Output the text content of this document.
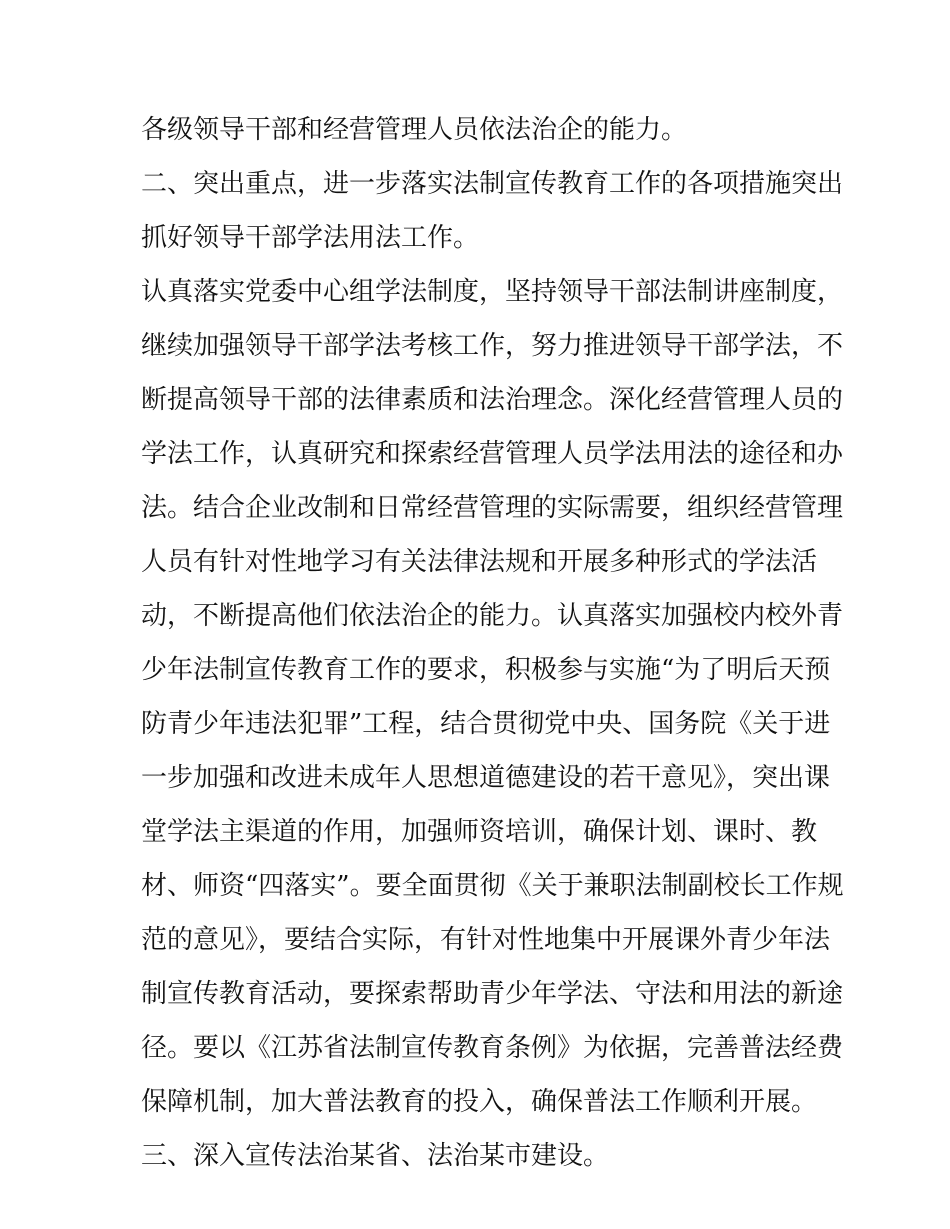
各级领导干部和经营管理人员依法治企的能力。

二、突出重点，进一步落实法制宣传教育工作的各项措施突出

抓好领导干部学法用法工作。

认真落实党委中心组学法制度，坚持领导干部法制讲座制度，

继续加强领导干部学法考核工作，努力推进领导干部学法，不

断提高领导干部的法律素质和法治理念。深化经营管理人员的

学法工作，认真研究和探索经营管理人员学法用法的途径和办

法。结合企业改制和日常经营管理的实际需要，组织经营管理

人员有针对性地学习有关法律法规和开展多种形式的学法活

动，不断提高他们依法治企的能力。认真落实加强校内校外青

少年法制宣传教育工作的要求，积极参与实施“为了明后天预

防青少年违法犯罪”工程，结合贯彻党中央、国务院《关于进

一步加强和改进未成年人思想道德建设的若干意见》，突出课

堂学法主渠道的作用，加强师资培训，确保计划、课时、教

材、师资“四落实”。要全面贯彻《关于兼职法制副校长工作规

范的意见》，要结合实际，有针对性地集中开展课外青少年法

制宣传教育活动，要探索帮助青少年学法、守法和用法的新途

径。要以《江苏省法制宣传教育条例》为依据，完善普法经费

保障机制，加大普法教育的投入，确保普法工作顺利开展。

三、深入宣传法治某省、法治某市建设。
